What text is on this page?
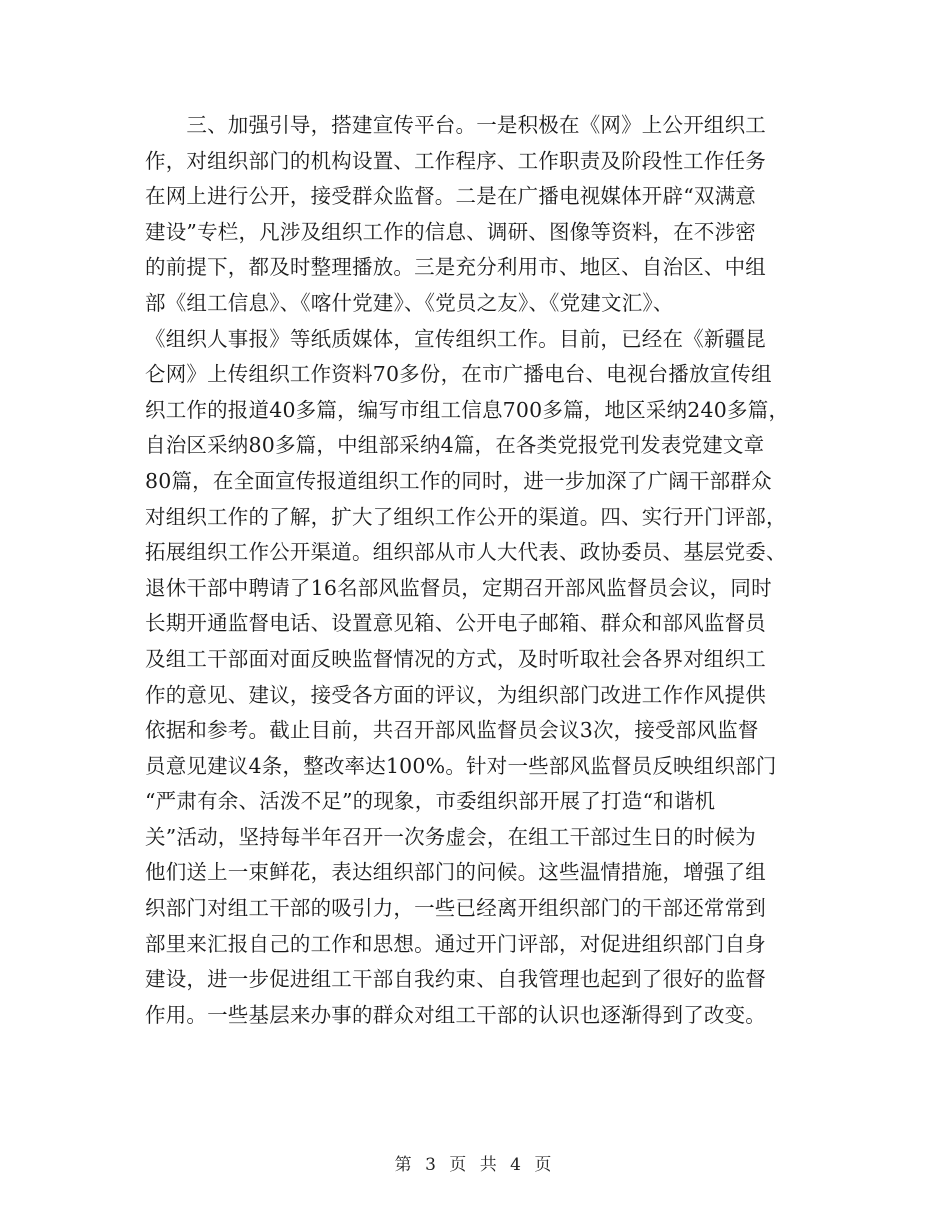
　　三、加强引导，搭建宣传平台。一是积极在《网》上公开组织工
作，对组织部门的机构设置、工作程序、工作职责及阶段性工作任务
在网上进行公开，接受群众监督。二是在广播电视媒体开辟“双满意
建设”专栏，凡涉及组织工作的信息、调研、图像等资料，在不涉密
的前提下，都及时整理播放。三是充分利用市、地区、自治区、中组
部《组工信息》、《喀什党建》、《党员之友》、《党建文汇》、
《组织人事报》等纸质媒体，宣传组织工作。目前，已经在《新疆昆
仑网》上传组织工作资料70多份，在市广播电台、电视台播放宣传组
织工作的报道40多篇，编写市组工信息700多篇，地区采纳240多篇，
自治区采纳80多篇，中组部采纳4篇，在各类党报党刊发表党建文章
80篇，在全面宣传报道组织工作的同时，进一步加深了广阔干部群众
对组织工作的了解，扩大了组织工作公开的渠道。四、实行开门评部，
拓展组织工作公开渠道。组织部从市人大代表、政协委员、基层党委、
退休干部中聘请了16名部风监督员，定期召开部风监督员会议，同时
长期开通监督电话、设置意见箱、公开电子邮箱、群众和部风监督员
及组工干部面对面反映监督情况的方式，及时听取社会各界对组织工
作的意见、建议，接受各方面的评议，为组织部门改进工作作风提供
依据和参考。截止目前，共召开部风监督员会议3次，接受部风监督
员意见建议4条，整改率达100%。针对一些部风监督员反映组织部门
“严肃有余、活泼不足”的现象，市委组织部开展了打造“和谐机
关”活动，坚持每半年召开一次务虚会，在组工干部过生日的时候为
他们送上一束鲜花，表达组织部门的问候。这些温情措施，增强了组
织部门对组工干部的吸引力，一些已经离开组织部门的干部还常常到
部里来汇报自己的工作和思想。通过开门评部，对促进组织部门自身
建设，进一步促进组工干部自我约束、自我管理也起到了很好的监督
作用。一些基层来办事的群众对组工干部的认识也逐渐得到了改变。
第 3 页 共 4 页
